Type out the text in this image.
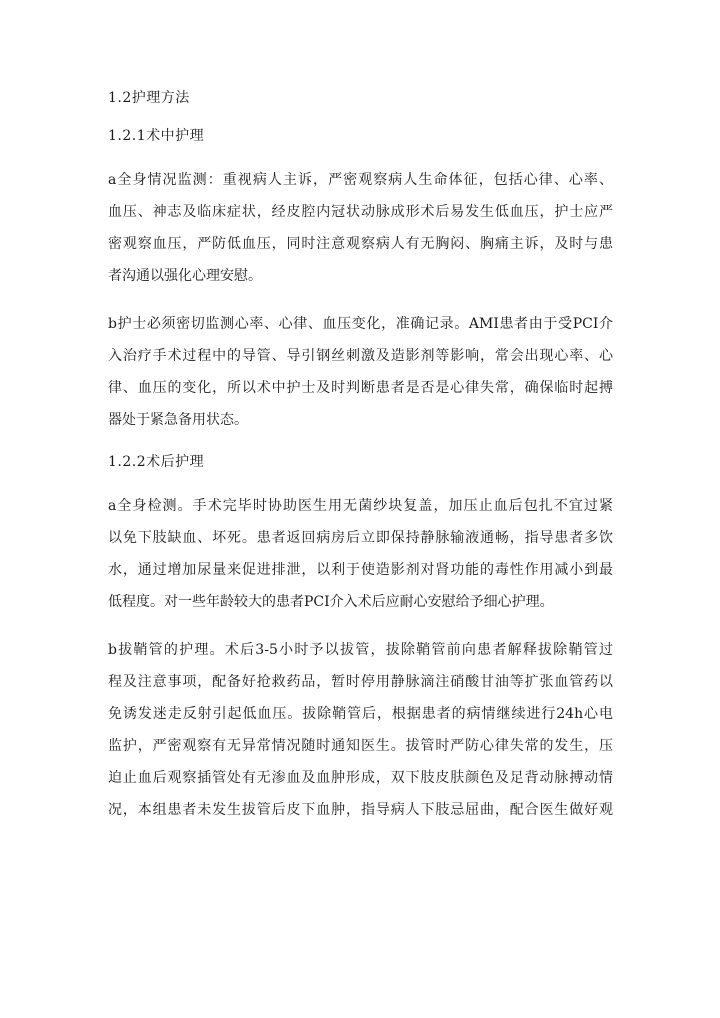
1.2护理方法
1.2.1术中护理
a全身情况监测：重视病人主诉，严密观察病人生命体征，包括心律、心率、
血压、神志及临床症状，经皮腔内冠状动脉成形术后易发生低血压，护士应严
密观察血压，严防低血压，同时注意观察病人有无胸闷、胸痛主诉，及时与患
者沟通以强化心理安慰。
b护士必须密切监测心率、心律、血压变化，准确记录。AMI患者由于受PCI介
入治疗手术过程中的导管、导引钢丝刺激及造影剂等影响，常会出现心率、心
律、血压的变化，所以术中护士及时判断患者是否是心律失常，确保临时起搏
器处于紧急备用状态。
1.2.2术后护理
a全身检测。手术完毕时协助医生用无菌纱块复盖，加压止血后包扎不宜过紧
以免下肢缺血、坏死。患者返回病房后立即保持静脉输液通畅，指导患者多饮
水，通过增加尿量来促进排泄，以利于使造影剂对肾功能的毒性作用减小到最
低程度。对一些年龄较大的患者PCI介入术后应耐心安慰给予细心护理。
b拔鞘管的护理。术后3-5小时予以拔管，拔除鞘管前向患者解释拔除鞘管过
程及注意事项，配备好抢救药品，暂时停用静脉滴注硝酸甘油等扩张血管药以
免诱发迷走反射引起低血压。拔除鞘管后，根据患者的病情继续进行24h心电
监护，严密观察有无异常情况随时通知医生。拔管时严防心律失常的发生，压
迫止血后观察插管处有无渗血及血肿形成，双下肢皮肤颜色及足背动脉搏动情
况，本组患者未发生拔管后皮下血肿，指导病人下肢忌屈曲，配合医生做好观
